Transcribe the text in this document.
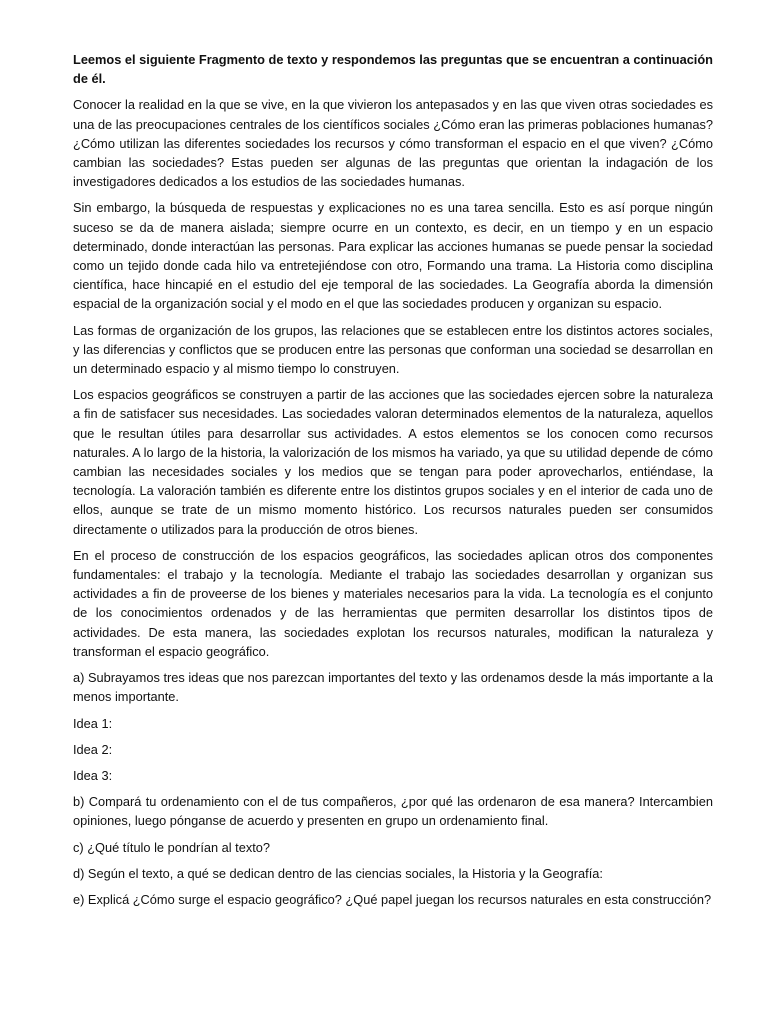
Leemos el siguiente Fragmento de texto y respondemos las preguntas que se encuentran a continuación de él.

Conocer la realidad en la que se vive, en la que vivieron los antepasados y en las que viven otras sociedades es una de las preocupaciones centrales de los científicos sociales ¿Cómo eran las primeras poblaciones humanas? ¿Cómo utilizan las diferentes sociedades los recursos y cómo transforman el espacio en el que viven? ¿Cómo cambian las sociedades? Estas pueden ser algunas de las preguntas que orientan la indagación de los investigadores dedicados a los estudios de las sociedades humanas.

Sin embargo, la búsqueda de respuestas y explicaciones no es una tarea sencilla. Esto es así porque ningún suceso se da de manera aislada; siempre ocurre en un contexto, es decir, en un tiempo y en un espacio determinado, donde interactúan las personas. Para explicar las acciones humanas se puede pensar la sociedad como un tejido donde cada hilo va entretejiéndose con otro, Formando una trama. La Historia como disciplina científica, hace hincapié en el estudio del eje temporal de las sociedades. La Geografía aborda la dimensión espacial de la organización social y el modo en el que las sociedades producen y organizan su espacio.

Las formas de organización de los grupos, las relaciones que se establecen entre los distintos actores sociales, y las diferencias y conflictos que se producen entre las personas que conforman una sociedad se desarrollan en un determinado espacio y al mismo tiempo lo construyen.

Los espacios geográficos se construyen a partir de las acciones que las sociedades ejercen sobre la naturaleza a fin de satisfacer sus necesidades. Las sociedades valoran determinados elementos de la naturaleza, aquellos que le resultan útiles para desarrollar sus actividades. A estos elementos se los conocen como recursos naturales. A lo largo de la historia, la valorización de los mismos ha variado, ya que su utilidad depende de cómo cambian las necesidades sociales y los medios que se tengan para poder aprovecharlos, entiéndase, la tecnología. La valoración también es diferente entre los distintos grupos sociales y en el interior de cada uno de ellos, aunque se trate de un mismo momento histórico. Los recursos naturales pueden ser consumidos directamente o utilizados para la producción de otros bienes.

En el proceso de construcción de los espacios geográficos, las sociedades aplican otros dos componentes fundamentales: el trabajo y la tecnología. Mediante el trabajo las sociedades desarrollan y organizan sus actividades a fin de proveerse de los bienes y materiales necesarios para la vida. La tecnología es el conjunto de los conocimientos ordenados y de las herramientas que permiten desarrollar los distintos tipos de actividades. De esta manera, las sociedades explotan los recursos naturales, modifican la naturaleza y transforman el espacio geográfico.

a) Subrayamos tres ideas que nos parezcan importantes del texto y las ordenamos desde la más importante a la menos importante.

Idea 1:

Idea 2:

Idea 3:

b) Compará tu ordenamiento con el de tus compañeros, ¿por qué las ordenaron de esa manera? Intercambien opiniones, luego pónganse de acuerdo y presenten en grupo un ordenamiento final.

c) ¿Qué título le pondrían al texto?

d) Según el texto, a qué se dedican dentro de las ciencias sociales, la Historia y la Geografía:

e) Explicá ¿Cómo surge el espacio geográfico? ¿Qué papel juegan los recursos naturales en esta construcción?
